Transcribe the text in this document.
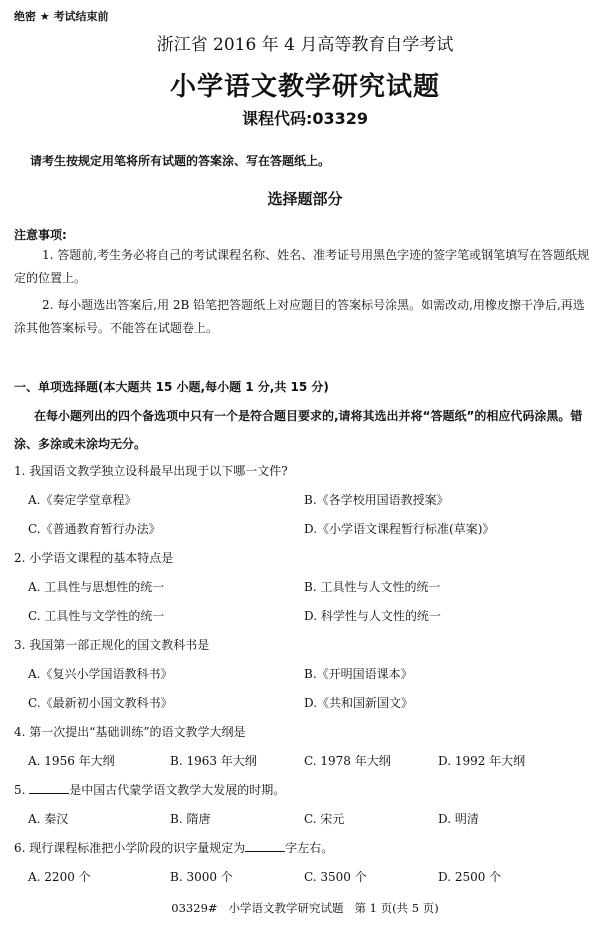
绝密 ★ 考试结束前
浙江省 2016 年 4 月高等教育自学考试
小学语文教学研究试题
课程代码:03329
请考生按规定用笔将所有试题的答案涂、写在答题纸上。
选择题部分
注意事项:
1. 答题前,考生务必将自己的考试课程名称、姓名、准考证号用黑色字迹的签字笔或钢笔填写在答题纸规定的位置上。
2. 每小题选出答案后,用 2B 铅笔把答题纸上对应题目的答案标号涂黑。如需改动,用橡皮擦干净后,再选涂其他答案标号。不能答在试题卷上。
一、单项选择题(本大题共 15 小题,每小题 1 分,共 15 分)
在每小题列出的四个备选项中只有一个是符合题目要求的,请将其选出并将“答题纸”的相应代码涂黑。错涂、多涂或未涂均无分。
1. 我国语文教学独立设科最早出现于以下哪一文件?
A.《奏定学堂章程》	B.《各学校用国语教授案》
C.《普通教育暂行办法》	D.《小学语文课程暂行标准(草案)》
2. 小学语文课程的基本特点是
A. 工具性与思想性的统一	B. 工具性与人文性的统一
C. 工具性与文学性的统一	D. 科学性与人文性的统一
3. 我国第一部正规化的国文教科书是
A.《复兴小学国语教科书》	B.《开明国语课本》
C.《最新初小国文教科书》	D.《共和国新国文》
4. 第一次提出“基础训练”的语文教学大纲是
A. 1956 年大纲	B. 1963 年大纲	C. 1978 年大纲	D. 1992 年大纲
5.	是中国古代蒙学语文教学大发展的时期。
A. 秦汉	B. 隋唐	C. 宋元	D. 明清
6. 现行课程标准把小学阶段的识字量规定为	字左右。
A. 2200 个	B. 3000 个	C. 3500 个	D. 2500 个
03329#   小学语文教学研究试题   第 1 页(共 5 页)
